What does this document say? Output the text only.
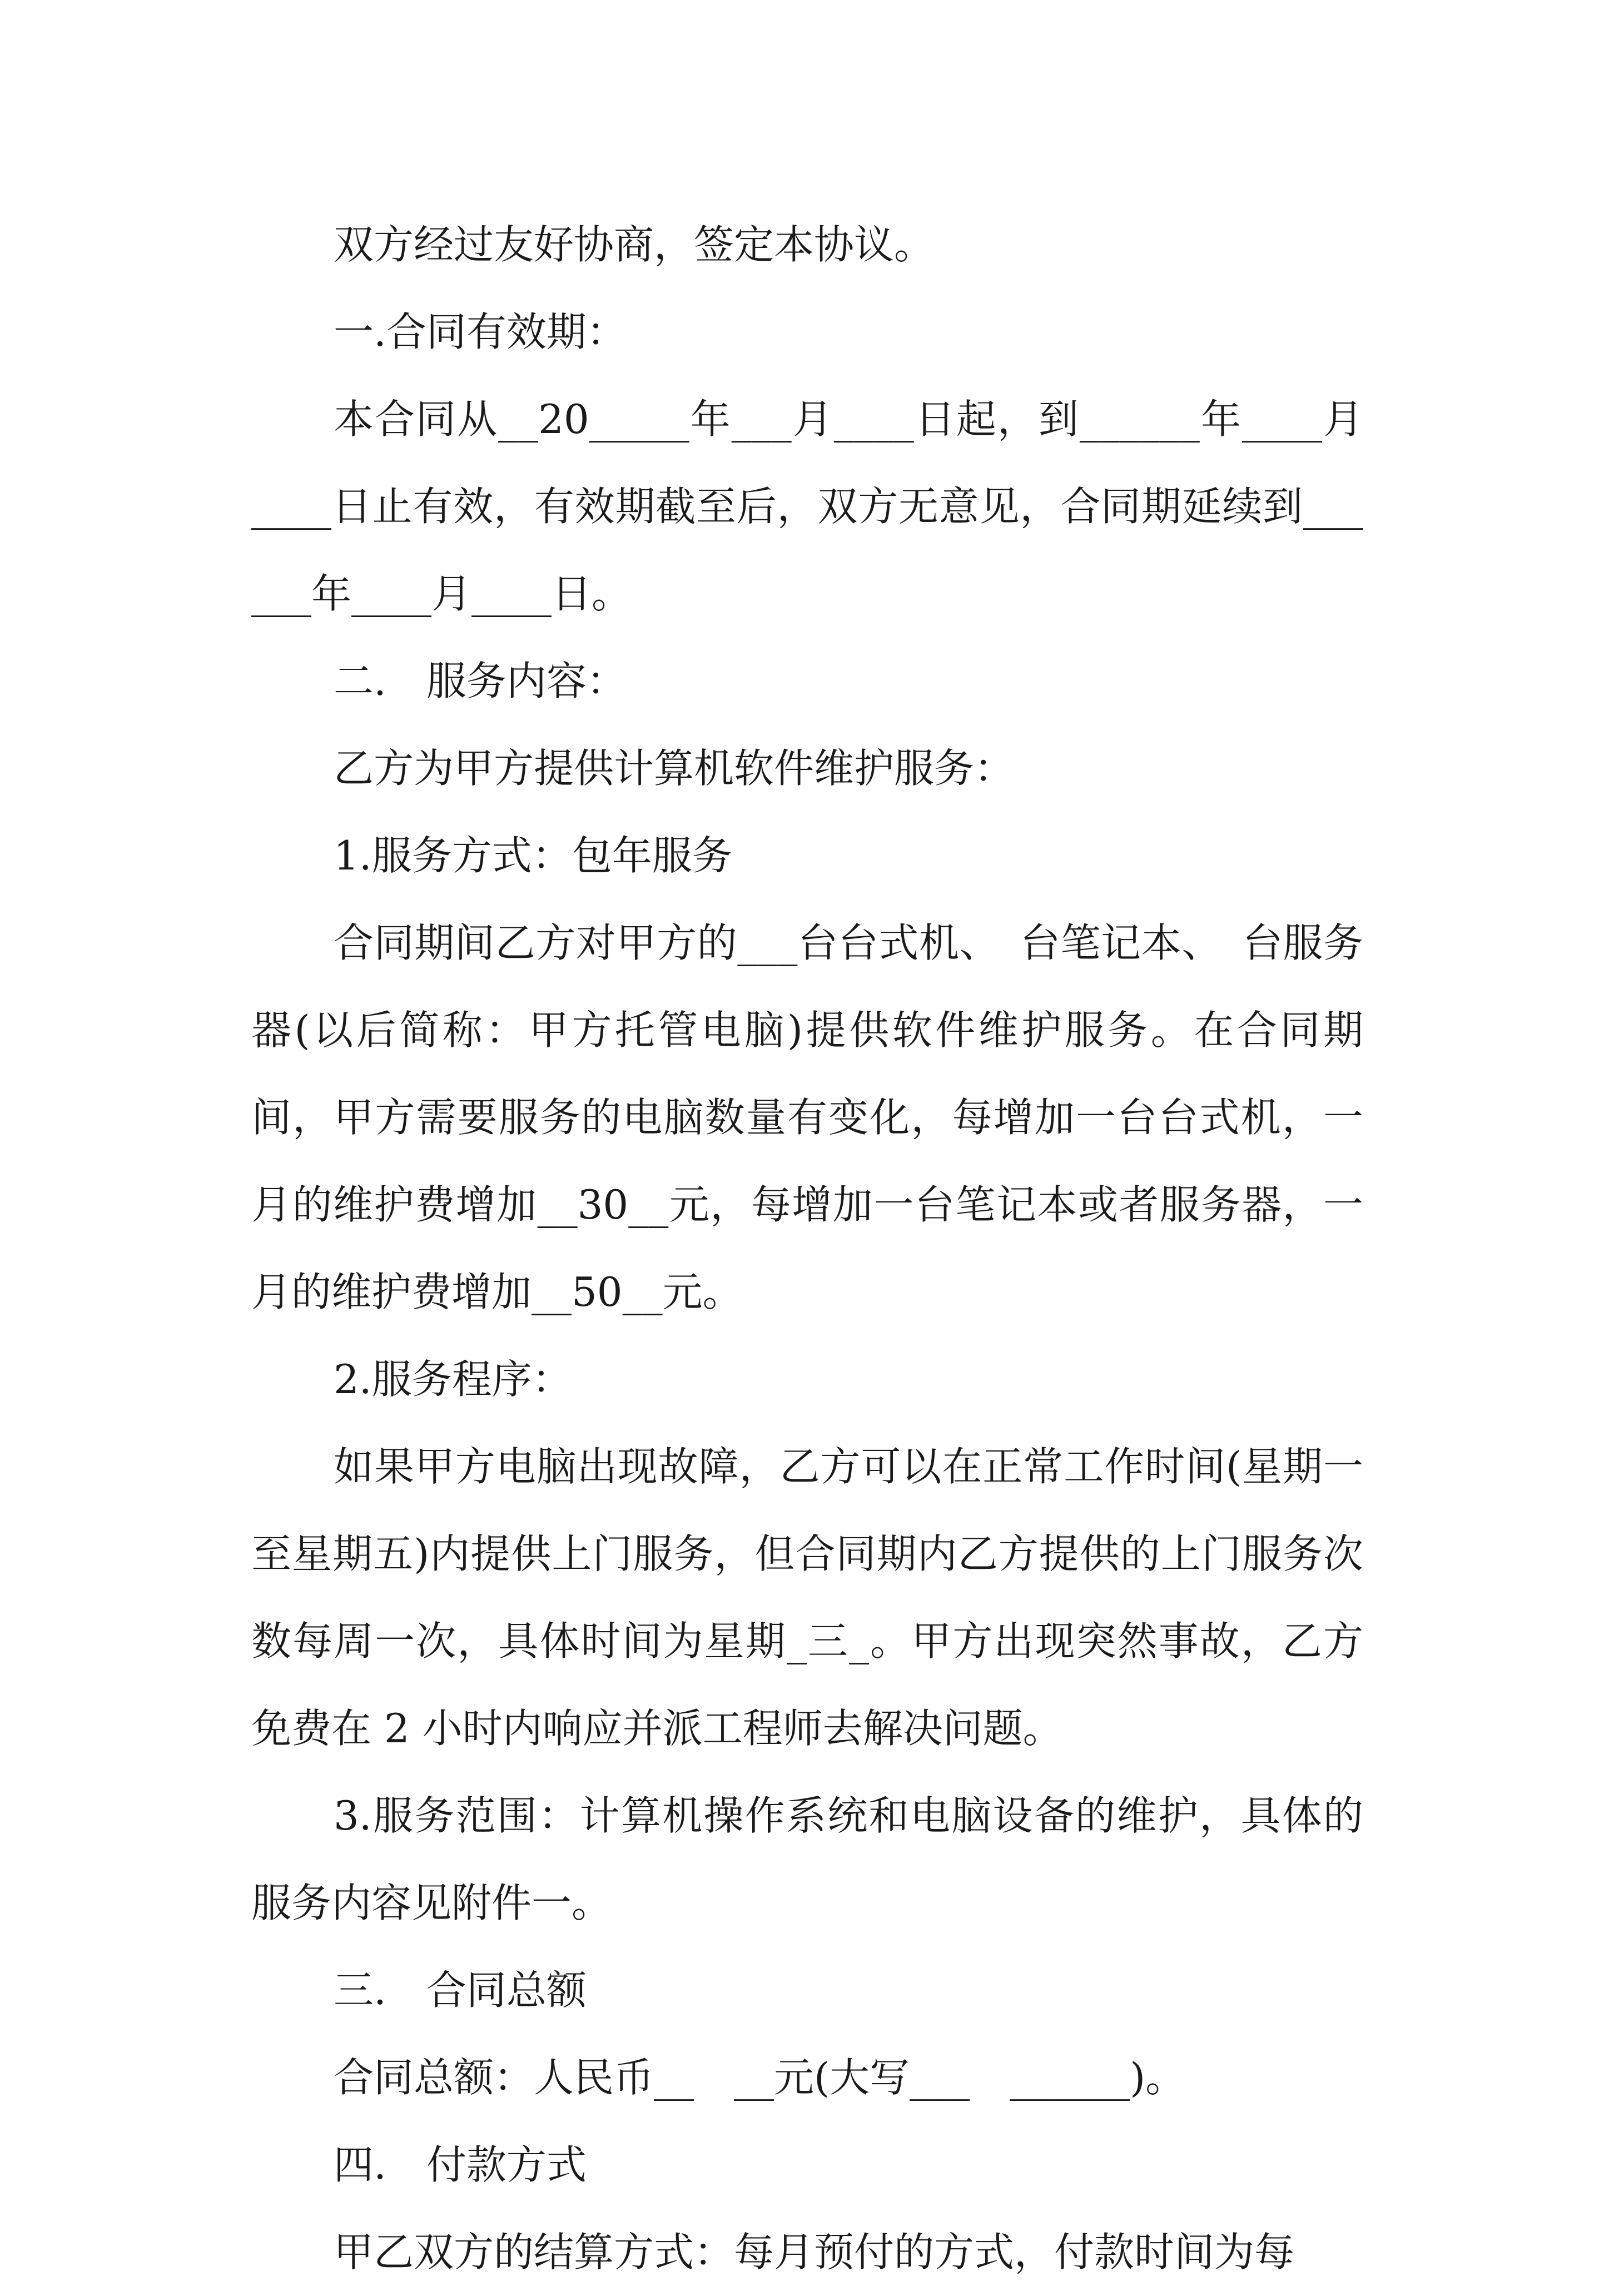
双方经过友好协商，签定本协议。

一.合同有效期：

本合同从__20_____年___月____日起，到______年____月____日止有效，有效期截至后，双方无意见，合同期延续到______年____月____日。

二.　服务内容：

乙方为甲方提供计算机软件维护服务：

1.服务方式：包年服务

合同期间乙方对甲方的___台台式机、　台笔记本、　台服务器(以后简称：甲方托管电脑)提供软件维护服务。在合同期间，甲方需要服务的电脑数量有变化，每增加一台台式机，一月的维护费增加__30__元，每增加一台笔记本或者服务器，一月的维护费增加__50__元。

2.服务程序：

如果甲方电脑出现故障，乙方可以在正常工作时间(星期一至星期五)内提供上门服务，但合同期内乙方提供的上门服务次数每周一次，具体时间为星期_三_。甲方出现突然事故，乙方免费在 2 小时内响应并派工程师去解决问题。

3.服务范围：计算机操作系统和电脑设备的维护，具体的服务内容见附件一。

三.　合同总额

合同总额：人民币__　__元(大写___　______)。

四.　付款方式

甲乙双方的结算方式：每月预付的方式，付款时间为每
